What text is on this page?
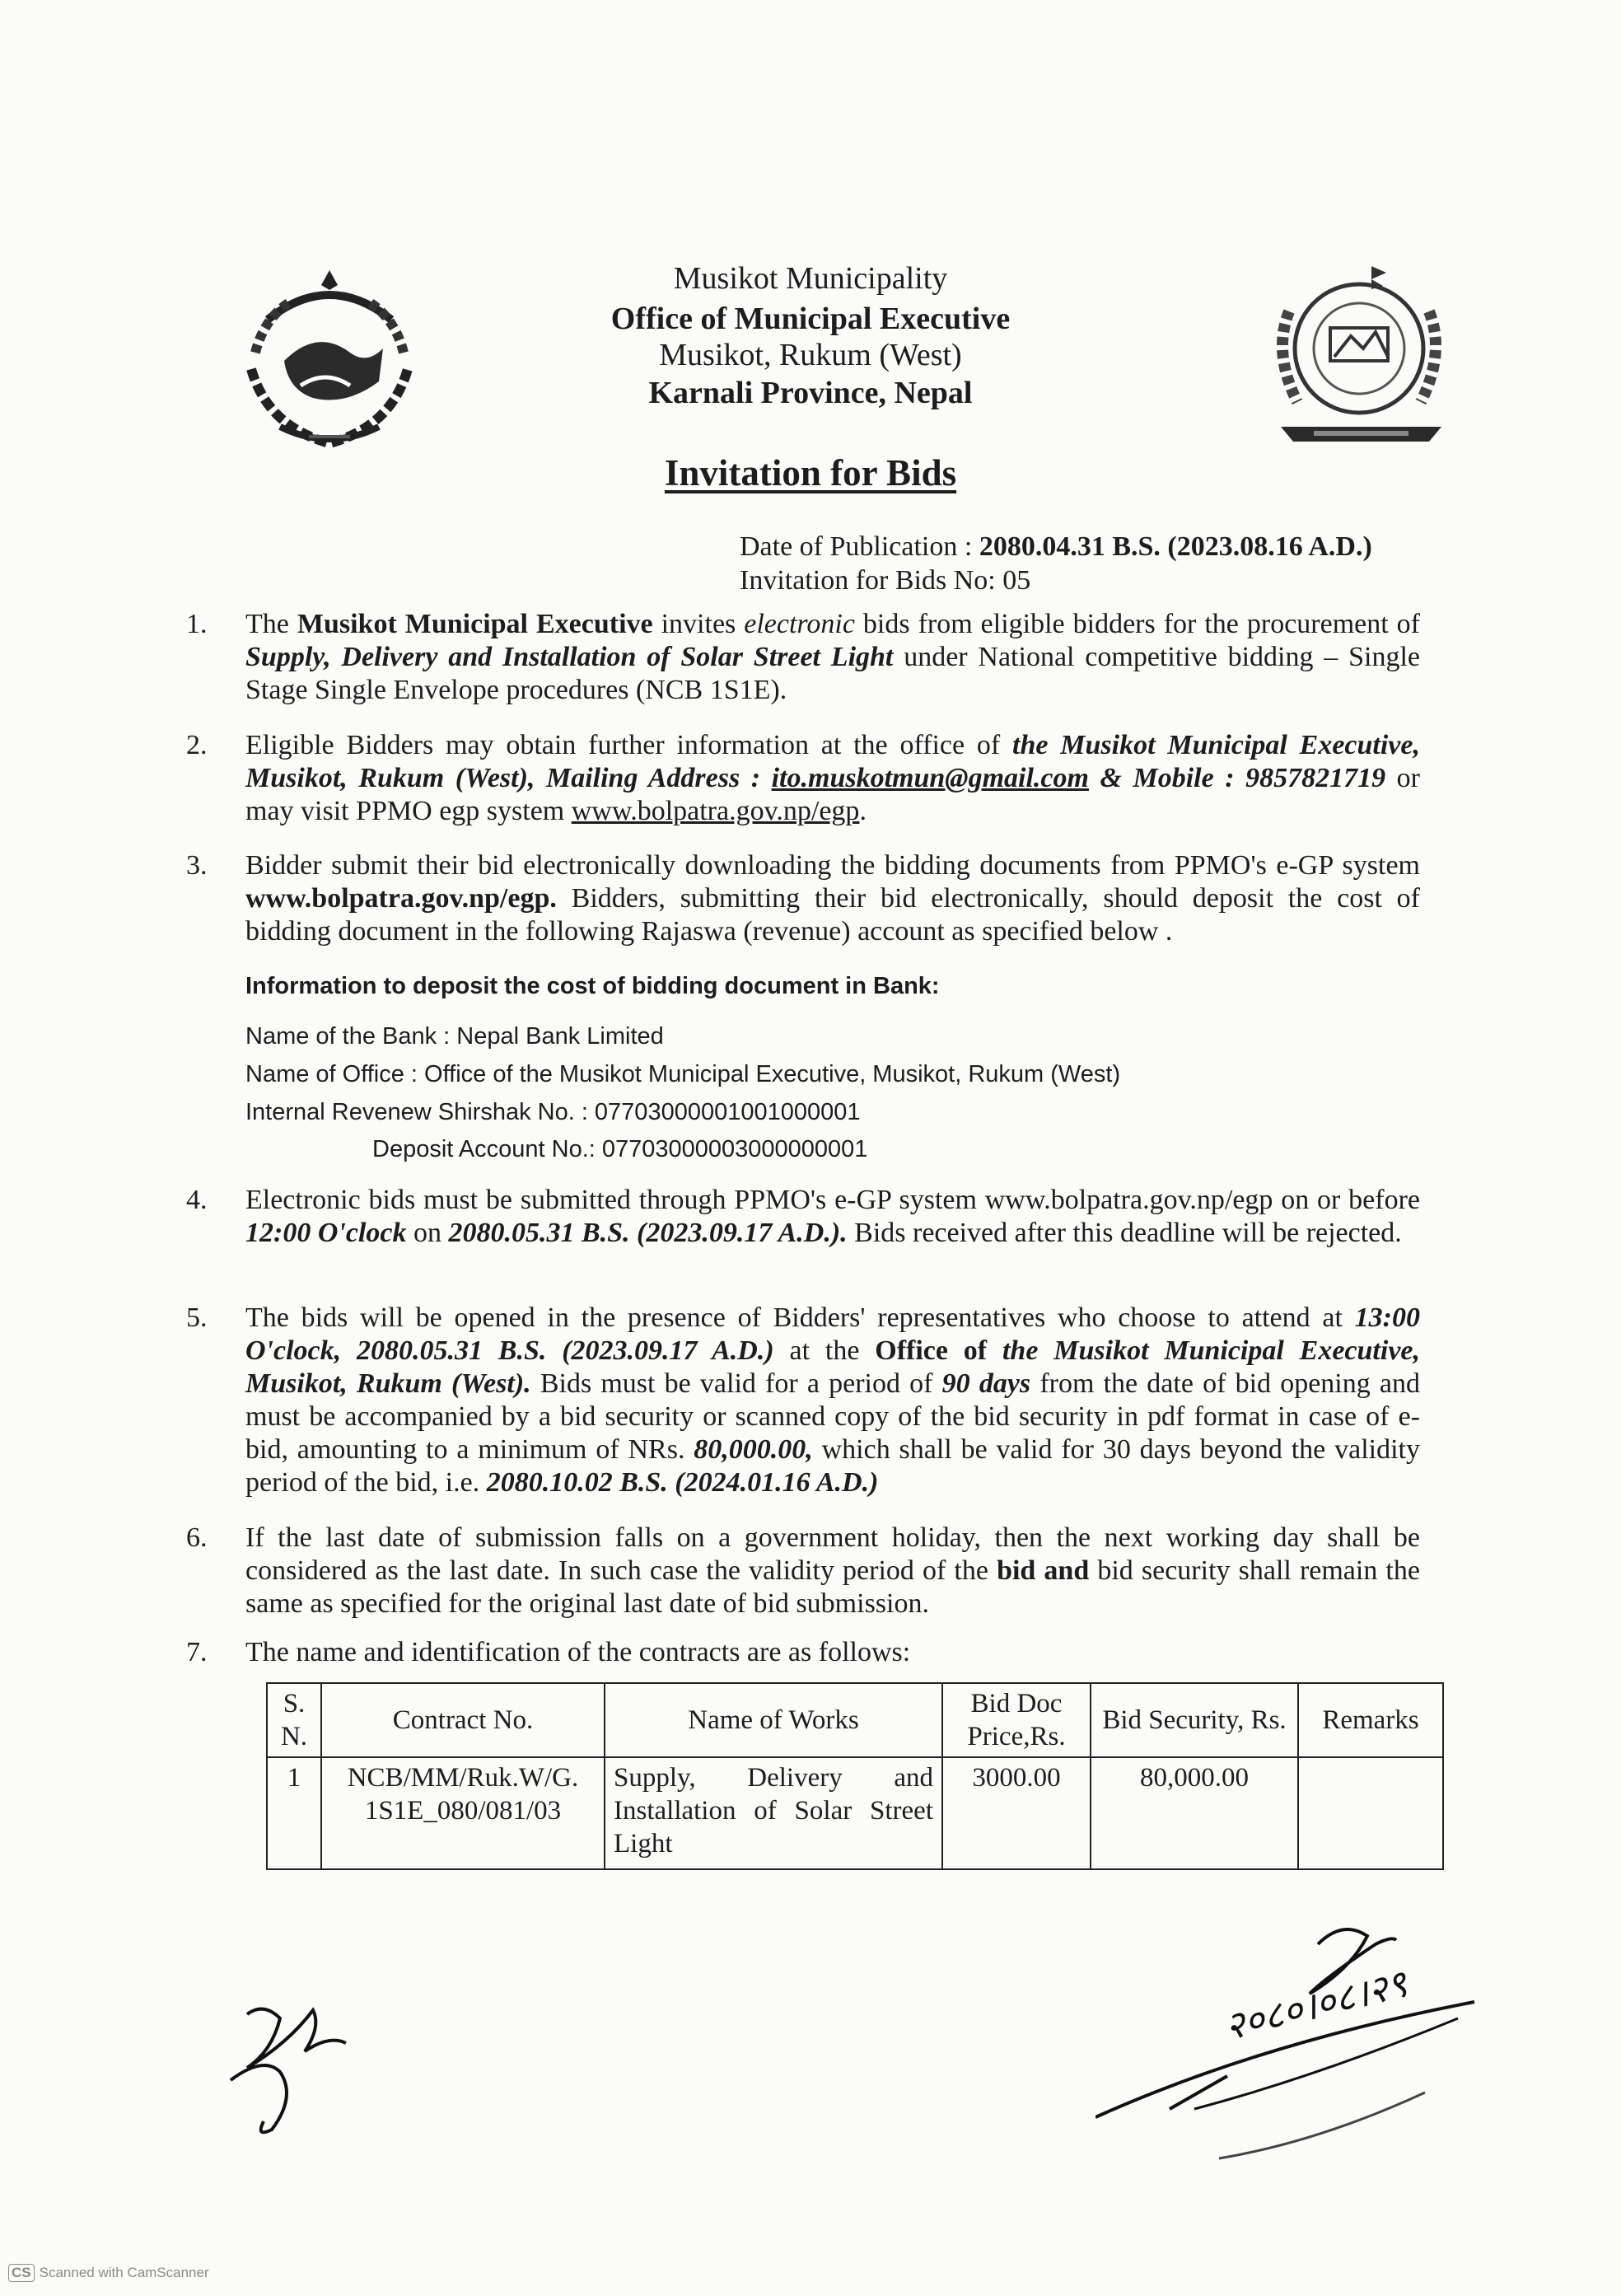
Musikot Municipality
Office of Municipal Executive
Musikot, Rukum (West)
Karnali Province, Nepal
Invitation for Bids
Date of Publication : 2080.04.31 B.S. (2023.08.16 A.D.)
Invitation for Bids No: 05
1. The Musikot Municipal Executive invites electronic bids from eligible bidders for the procurement of Supply, Delivery and Installation of Solar Street Light under National competitive bidding – Single Stage Single Envelope procedures (NCB 1S1E).
2. Eligible Bidders may obtain further information at the office of the Musikot Municipal Executive, Musikot, Rukum (West), Mailing Address : ito.muskotmun@gmail.com & Mobile : 9857821719 or may visit PPMO egp system www.bolpatra.gov.np/egp.
3. Bidder submit their bid electronically downloading the bidding documents from PPMO's e-GP system www.bolpatra.gov.np/egp. Bidders, submitting their bid electronically, should deposit the cost of bidding document in the following Rajaswa (revenue) account as specified below .
Information to deposit the cost of bidding document in Bank:
Name of the Bank : Nepal Bank Limited
Name of Office : Office of the Musikot Municipal Executive, Musikot, Rukum (West)
Internal Revenew Shirshak No. : 07703000001001000001
Deposit Account No.: 07703000003000000001
4. Electronic bids must be submitted through PPMO's e-GP system www.bolpatra.gov.np/egp on or before 12:00 O'clock on 2080.05.31 B.S. (2023.09.17 A.D.). Bids received after this deadline will be rejected.
5. The bids will be opened in the presence of Bidders' representatives who choose to attend at 13:00 O'clock, 2080.05.31 B.S. (2023.09.17 A.D.) at the Office of the Musikot Municipal Executive, Musikot, Rukum (West). Bids must be valid for a period of 90 days from the date of bid opening and must be accompanied by a bid security or scanned copy of the bid security in pdf format in case of e-bid, amounting to a minimum of NRs. 80,000.00, which shall be valid for 30 days beyond the validity period of the bid, i.e. 2080.10.02 B.S. (2024.01.16 A.D.)
6. If the last date of submission falls on a government holiday, then the next working day shall be considered as the last date. In such case the validity period of the bid and bid security shall remain the same as specified for the original last date of bid submission.
7. The name and identification of the contracts are as follows:
S. N.	Contract No.	Name of Works	Bid Doc Price,Rs.	Bid Security, Rs.	Remarks
1	NCB/MM/Ruk.W/G. 1S1E_080/081/03	Supply, Delivery and Installation of Solar Street Light	3000.00	80,000.00	
२०८०।०८।२९
CS Scanned with CamScanner
